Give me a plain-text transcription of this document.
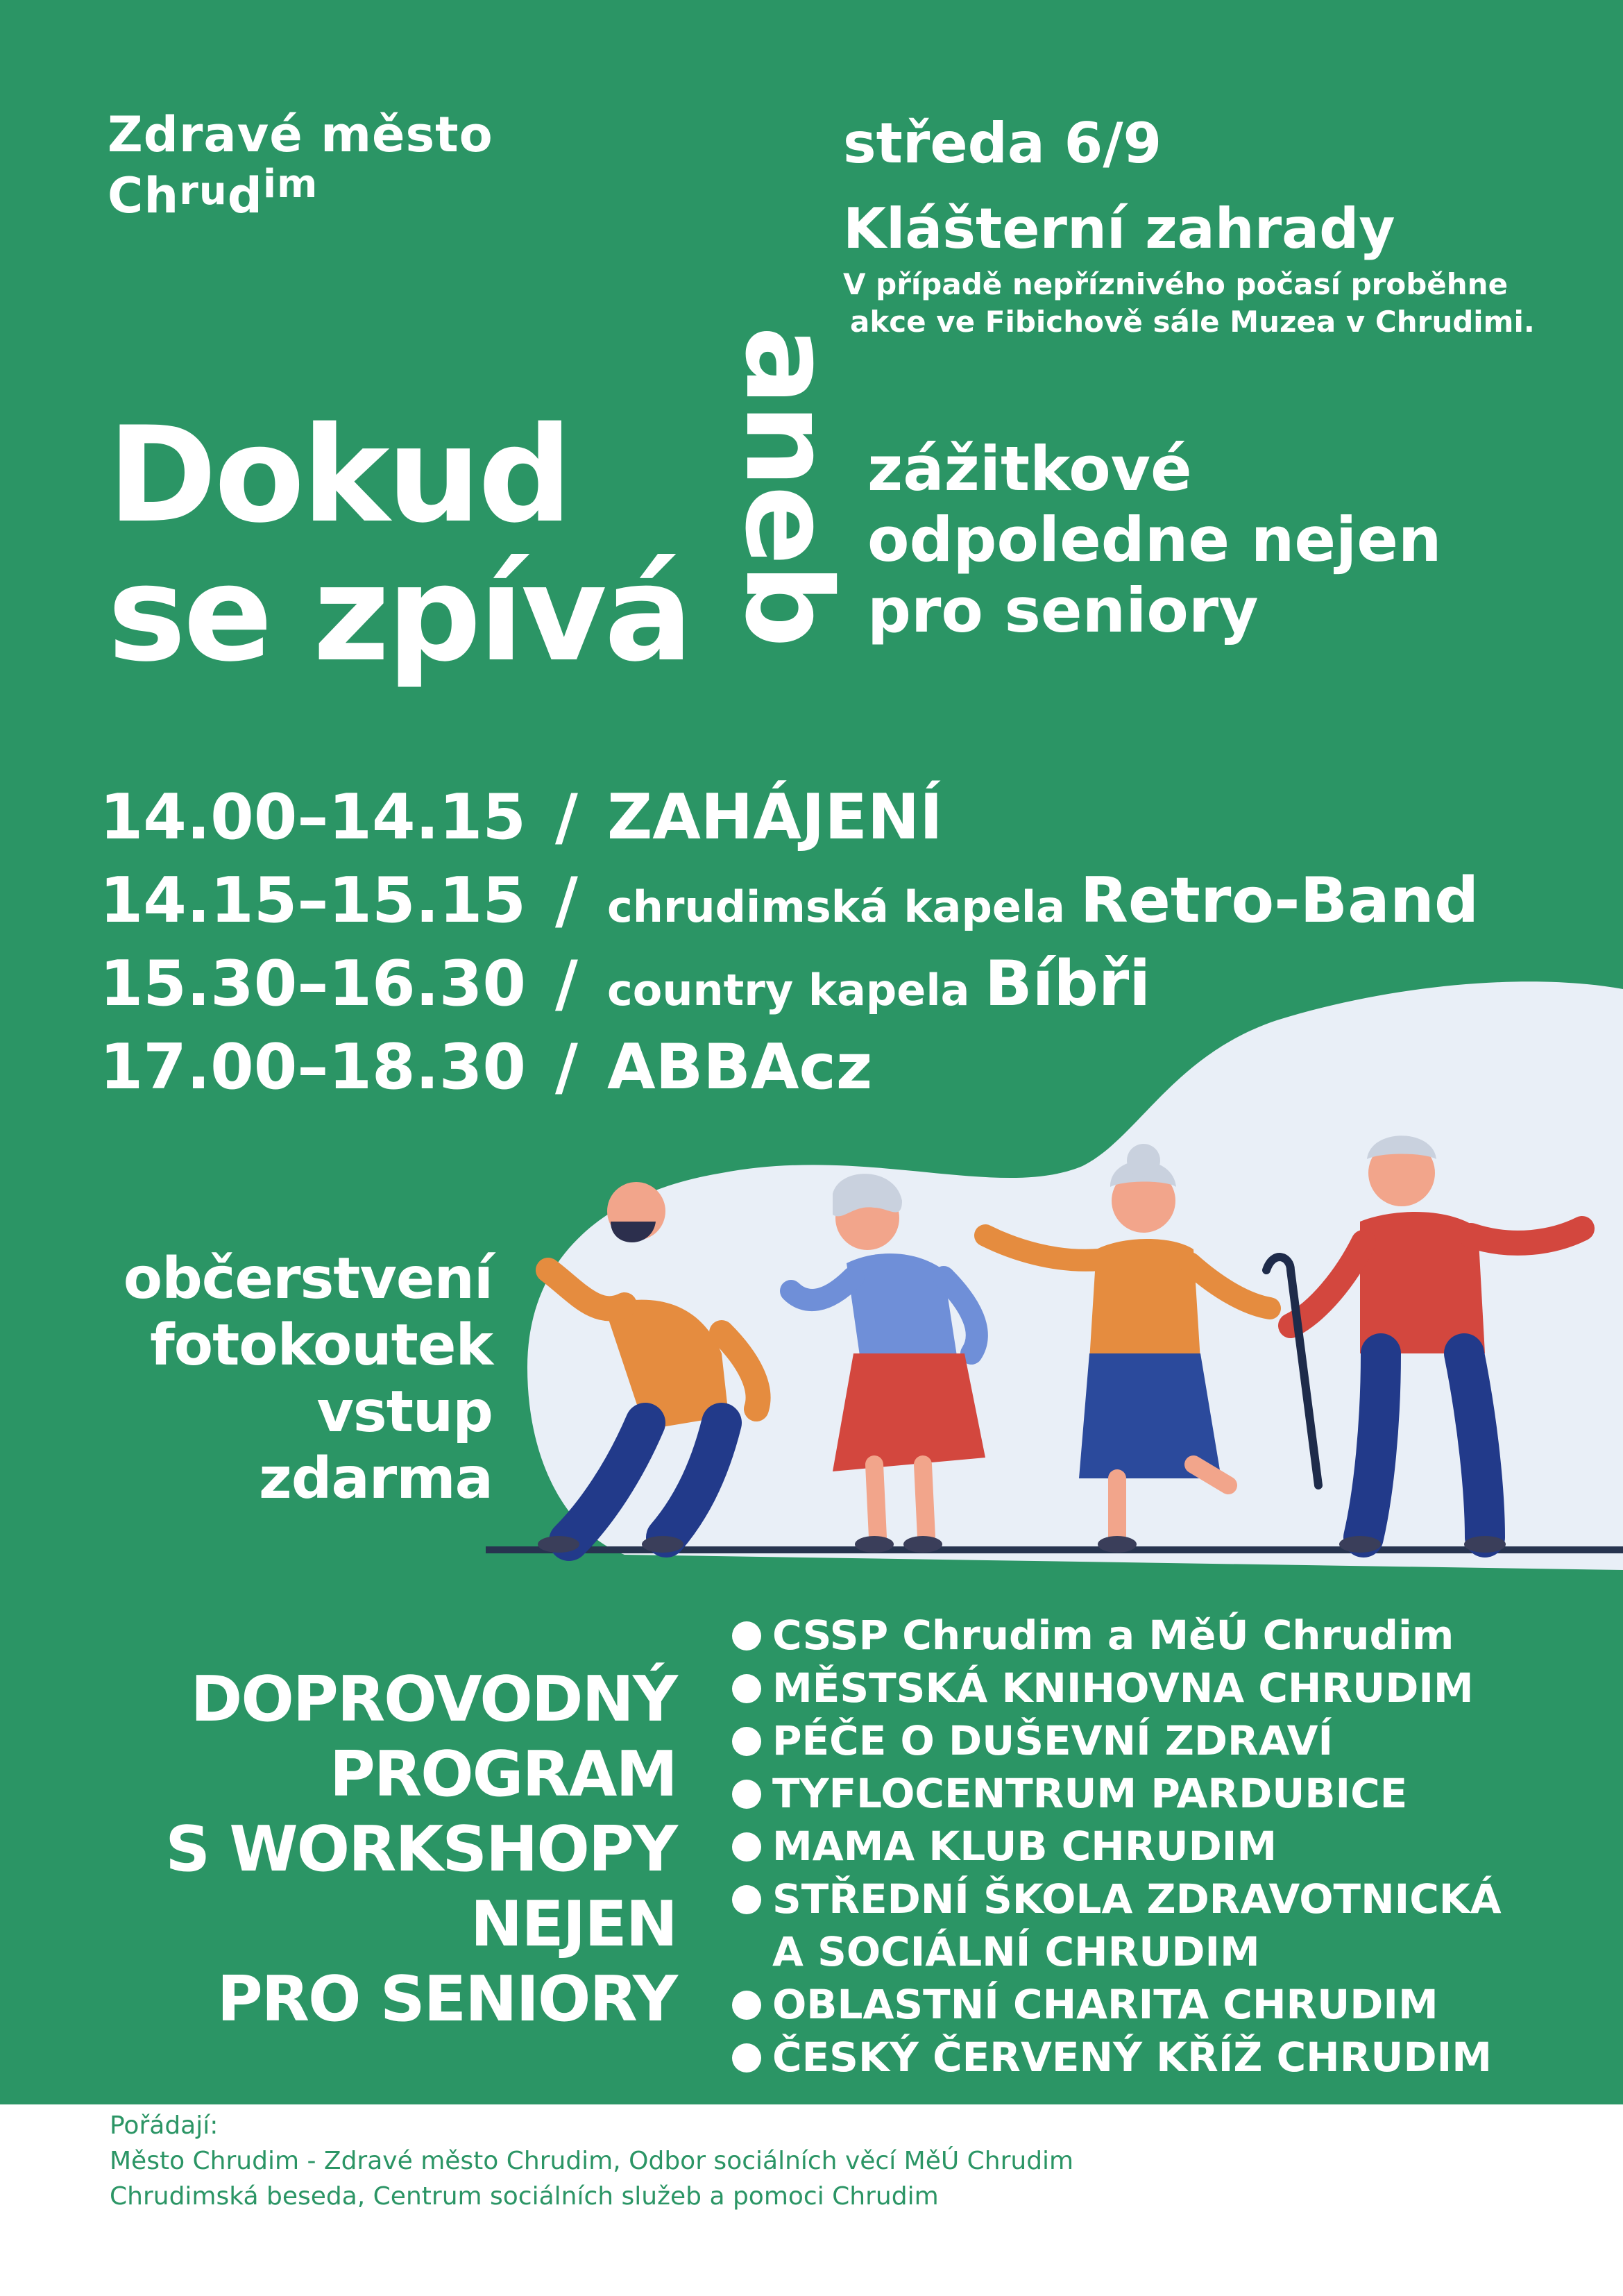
Zdravé město
Chrud$^{im}$
středa 6/9
Klášterní zahrady
V případě nepříznivého počasí proběhne
akce ve Fibichově sále Muzea v Chrudimi.
Dokud
se zpívá aneb zážitkové
odpoledne nejen
pro seniory
14.00–14.15 / ZAHÁJENÍ
14.15–15.15 / chrudimská kapela Retro-Band
15.30–16.30 / country kapela Bíbři
17.00–18.30 / ABBAcz
občerstvení
fotokoutek
vstup
zdarma
DOPROVODNÝ
PROGRAM
S WORKSHOPY
NEJEN
PRO SENIORY
CSSP Chrudim a MěÚ Chrudim
MĚSTSKÁ KNIHOVNA CHRUDIM
PÉČE O DUŠEVNÍ ZDRAVÍ
TYFLOCENTRUM PARDUBICE
MAMA KLUB CHRUDIM
STŘEDNÍ ŠKOLA ZDRAVOTNICKÁ
A SOCIÁLNÍ CHRUDIM
OBLASTNÍ CHARITA CHRUDIM
ČESKÝ ČERVENÝ KŘÍŽ CHRUDIM
Pořádají:
Město Chrudim - Zdravé město Chrudim, Odbor sociálních věcí MěÚ Chrudim
Chrudimská beseda, Centrum sociálních služeb a pomoci Chrudim
